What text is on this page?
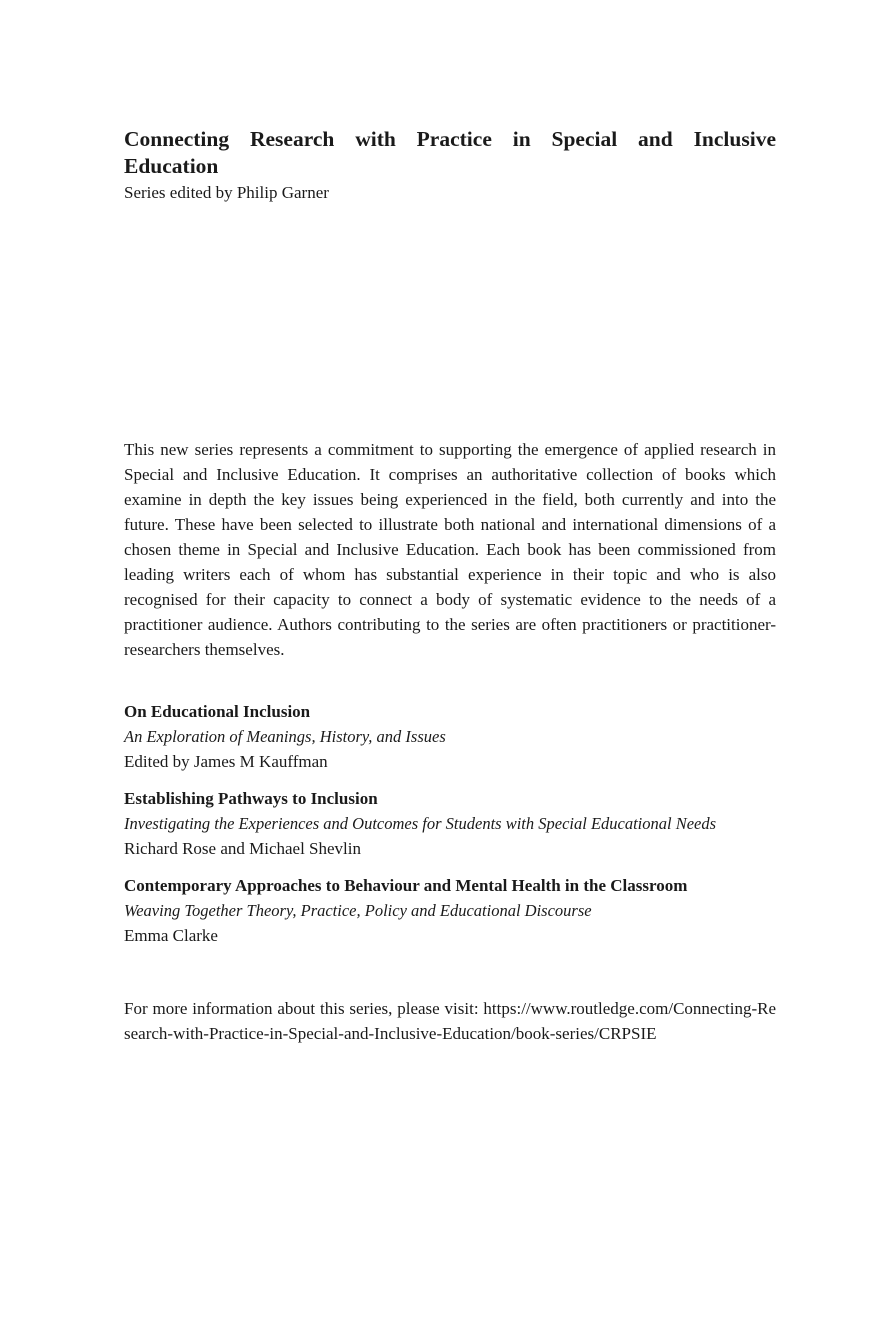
Connecting Research with Practice in Special and Inclusive Education

Series edited by Philip Garner

This new series represents a commitment to supporting the emergence of applied research in Special and Inclusive Education. It comprises an authoritative collection of books which examine in depth the key issues being experienced in the field, both currently and into the future. These have been selected to illustrate both national and international dimensions of a chosen theme in Special and Inclusive Education. Each book has been commissioned from leading writers each of whom has substantial experience in their topic and who is also recognised for their capacity to connect a body of systematic evidence to the needs of a practitioner audience. Authors contributing to the series are often practitioners or practitioner-researchers themselves.

On Educational Inclusion

An Exploration of Meanings, History, and Issues

Edited by James M Kauffman

Establishing Pathways to Inclusion

Investigating the Experiences and Outcomes for Students with Special Educational Needs

Richard Rose and Michael Shevlin

Contemporary Approaches to Behaviour and Mental Health in the Classroom

Weaving Together Theory, Practice, Policy and Educational Discourse

Emma Clarke

For more information about this series, please visit: https://www.routledge.com/Connecting-Research-with-Practice-in-Special-and-Inclusive-Education/book-series/CRPSIE
